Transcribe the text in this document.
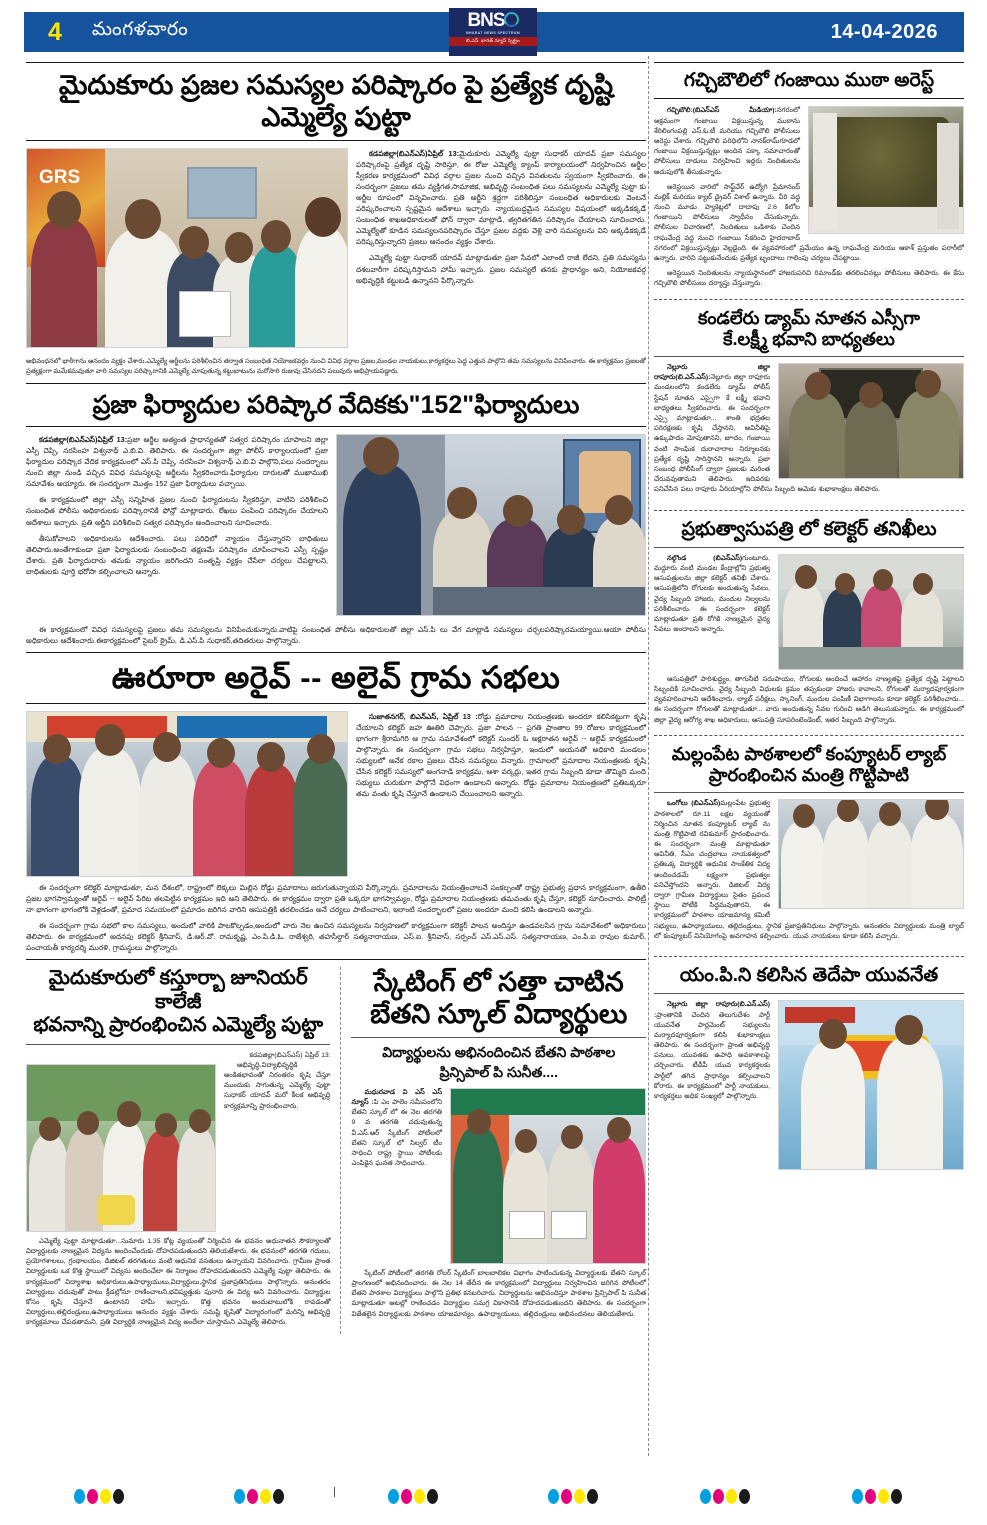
4 మంగళవారం	BNS
BHARAT NEWS SPECTRUM
బి.ఎన్. భారత్ న్యూస్ స్పెక్ట్రం	14-04-2026
మైదుకూరు ప్రజల సమస్యల పరిష్కారం పై ప్రత్యేక దృష్టి ఎమ్మెల్యే పుట్టా
GRS

కడపజిల్లా(బిఎన్ఎస్)ఏప్రిల్ 13:మైదుకూరు ఎమ్మెల్యే పుట్టా సుధాకర్ యాదవ్ ప్రజా సమస్యల పరిష్కారంపై ప్రత్యేక దృష్టి సారిస్తూ, ఈ రోజు ఎమ్మెల్యే క్యాంప్ కార్యాలయంలో నిర్వహించిన అర్జీల స్వీకరణ కార్యక్రమంలో వివిధ వర్గాల ప్రజల నుంచి వచ్చిన వినతులను స్వయంగా స్వీకరించారు. ఈ సందర్భంగా ప్రజలు తమ వ్యక్తిగత,సామాజిక, అభివృద్ధి సంబంధిత పలు సమస్యలను ఎమ్మెల్యే పుట్టా కు అర్జీల రూపంలో విన్నవించారు. ప్రతి అర్జీని శ్రద్ధగా పరిశీలిస్తూ సంబంధిత అధికారులకు వెంటనే పరిష్కరించాలని స్పష్టమైన ఆదేశాలు ఇచ్చారు. న్యాయబద్ధమైన సమస్యల విషయంలో అక్కడికక్కడే సంబంధిత శాఖఅధికారులతో ఫోన్ ద్వారా మాట్లాడి, త్వరితగతిన పరిష్కారం చేయాలని సూచించారు. ఎమ్మెల్యేతో కూడిన సమస్యలనపరిష్కారం చేస్తూ ప్రజల వద్దకు వెళ్లి వారి సమస్యలను విని అక్కడికక్కడే పరిష్కరిస్తున్నారని ప్రజలు ఆనందం వ్యక్తం చేశారు.

ఎమ్మెల్యే పుట్టా సుధాకర్ యాదవ్ మాట్లాడుతూ ప్రజా సేవలో ఎలాంటి రాజీ లేదని, ప్రతి సమస్యను దశలవారీగా పరిష్కరిస్తామని హామీ ఇచ్చారు. ప్రజల సమస్యలే తనకు ప్రాధాన్యం అని, నియోజకవర్గ అభివృద్ధికి కట్టుబడి ఉన్నానని పేర్కొన్నారు.

అభివంధనలో భారీగాను ఆనందం వ్యక్తం చేశారు.ఎమ్మెల్యే అర్జీలను పరిశీలించిన తర్వాత సంబంధిత నియోజకవర్గం నుంచి వివిధ వర్గాల ప్రజల,మండల నాయకులు,కార్యకర్తలు పెద్ద ఎత్తున పాల్గొని తమ సమస్యలను వినిపించారు. ఈ కార్యక్రమం ప్రజలతో ప్రత్యక్షంగా మమేకమవుతూ వారి సమస్యల పరిష్కారానికి ఎమ్మెల్యే చూపుతున్న కట్టుబాటును మరోసారి రుజువు చేసినదని పలువురు అభిప్రాయపడ్డారు.
ప్రజా ఫిర్యాదుల పరిష్కార వేదికకు"152"ఫిర్యాదులు

కడపజిల్లా(బిఎన్ఎస్)ఏప్రిల్ 13:ప్రజా అర్జీల అత్యంత ప్రాధాన్యతతో సత్వర పరిష్కారం చూపాలని జిల్లా ఎస్పీ చెప్పి, నరసింహ విశ్వనాథ్ ఎ.బి.వి. తెలిపారు. ఈ సందర్భంగా జిల్లా పోలీస్ కార్యాలయంలో ప్రజా ఫిర్యాదుల పరిష్కార వేదిక కార్యక్రమంలో ఎస్.పి చెప్పి, నరసింహ విశ్వనాథ్ ఎ.బి.వి పాల్గొని,పలు సందర్భాలు నుంచి జిల్లా నుండి వచ్చిన వివిధ సమస్యలపై అర్జీలను స్వీకరించారు.ఫిర్యాదుల దారులతో ముఖాముఖి సమావేశం అయ్యారు. ఈ సందర్భంగా మొత్తం 152 ప్రజా ఫిర్యాదులు వచ్చాయి.

ఈ కార్యక్రమంలో జిల్లా ఎస్పీ సన్నిహిత ప్రజల నుంచి ఫిర్యాదులను స్వీకరిస్తూ, వాటిని పరిశీలించి సంబంధిత పోలీసు అధికారులకు పరిష్కారానికి ఫోన్లో మాట్లాడారు. లేఖలు పంపించి పరిష్కారం చేయాలని ఆదేశాలు ఇచ్చారు. ప్రతి అర్జీని పరిశీలించి సత్వర పరిష్కారం అందించాలని సూచించారు.

తీసుకోవాలని అధికారులను ఆదేశించారు. పలు పరిధిలో న్యాయం చేస్తున్నారని బాధితులు తెలిపారు.అంతేగాకుండా ప్రజా ఫిర్యాదులకు సంబంధించి తక్షణమే పరిష్కారం చూపించాలని ఎస్పీ స్పష్టం చేశారు. ప్రతి ఫిర్యాదుదారు తమకు న్యాయం జరిగిందని సంతృప్తి వ్యక్తం చేసేలా చర్యలు చేపట్టాలని, బాధితులకు పూర్తి భరోసా కల్పించాలని అన్నారు.

ఈ కార్యక్రమంలో వివిధ సమస్యలపై ప్రజలు తమ సమస్యలను వినిపించుకున్నారు.వాటిపై సంబంధిత పోలీసు అధికారులతో జిల్లా ఎస్.పి లు వేగ మాట్లాడి సమస్యలు చర్చలపరిష్కారమయ్యాయి.ఆయా పోలీసు అధికారులు ఆదేశించారు.ఈకార్యక్రమంలో సైబర్ క్రైమ్, డి.ఎస్.పి సుధాకర్,తదితరులు పాల్గొన్నారు.

ఊరూరా అరైవ్ -- అలైవ్ గ్రామ సభలు

సుజాతనగర్, బిఎన్ఎస్, ఏప్రిల్ 13 :రోడ్డు ప్రమాదాల నియంత్రణకు అందరూ కలిసికట్టుగా కృషి చేయాలని కలెక్టర్ జహ ఊతిరి చెప్పారు. ప్రజా పాలన -- ప్రగతి ప్రాంతాల 99 రోజుల కార్యక్రమంలో భాగంగా శ్రీరామగిరి ఆ గ్రామ సమావేశంలో కలెక్టర్ సుందర్ ఓ అక్షరాతన అరైవ్ -- అలైవ్ కార్యక్రమంలో పాల్గొన్నారు. ఈ సందర్భంగా గ్రామ సభలు నిర్వహిస్తూ, ఇందులో ఆయనతో అధికారి మండలం సభ్యులలో అనేక రకాల ప్రజలు చేసిన సమస్యలు విన్నారు. గ్రామాలలో ప్రమాదాల నియంత్రణకు కృషి చేసిన కలెక్టర్ సమస్యలో అంగనాడి కార్యక్రమ, ఆశా వర్కర్లు, ఇతర గ్రామ సిబ్బంది కూడా తొమ్మిది మంది సభ్యులు చురుకుగా పాల్గొనే విధంగా ఉండాలని అన్నారు. రోడ్డు ప్రమాదాల నియంత్రణలో ప్రతిఒక్కరూ తమ వంతు కృషి చేస్తూనే ఉండాలని చేయించాలని అన్నారు.

ఈ సందర్భంగా కలెక్టర్ మాట్లాడుతూ, మన దేశంలో, రాష్ట్రంలో లెక్కలు మిల్లిన రోడ్డు ప్రమాదాలు జరుగుతున్నాయని పేర్కొన్నారు. ప్రమాదాలను నియంత్రించాలనే సంకల్పంతో రాష్ట్ర ప్రభుత్వ ప్రధాన కార్యక్రమంగా, ఉతీరి ప్రజల భాగస్వామ్యంతో అరైవ్ -- అలైవ్ పేరిట తలపెట్టిన కార్యక్రమం ఇది అని తెలిపారు. ఈ కార్యక్రమం ద్వారా ప్రతి ఒక్కరూ భాగస్వామ్యం, రోడ్డు ప్రమాదాల నియంత్రణకు తమవంతు కృషి చేస్తూ, కలెక్టర్ సూచించారు. పాలిట్రీ నా భాగంగా భాగంలోకి వెళ్లడంతో, ప్రమాద సమయంలో ప్రమాదం జరిగిన వారిని ఆసుపత్రికి తరలించడం అనే చర్యలు పాటించాలని, ఇలాంటి సందర్భాలలో ప్రజల అందరూ మంచి కలిసి ఉండాలని అన్నారు.

ఈ సందర్భంగా గ్రామ సభలో కాల సమస్యలు, అందులో వారికి పాలకొల్పడం,అందులో వారు నెల ఉంచిన సమస్యలను నిర్వహణలో కార్యక్రమంగా కలెక్టర్ పాలన అందిస్తూ ఉండవలసిన గ్రామ సమావేశంలో అధికారులు తెలిపారు. ఈ కార్యక్రమంలో అదనపు కలెక్టర్ శ్రీనివాస్, డి.ఆర్.వో. రామకృష్ణ, ఎం.పి.డి.ఓ. రాజేశ్వరి, తహసీల్దార్ సత్యనారాయణ, ఎస్.ఐ. శ్రీనివాస్, సర్పంచ్ ఎస్.ఎస్.ఎస్. సత్యనారాయణ, ఎం.పి.ఐ రావుల కుమార్, పంచాయతీ కార్యదర్శి మురళి, గ్రామస్థులు పాల్గొన్నారు.

మైదుకూరులో కస్తూర్బా జూనియర్ కాలేజీ
భవనాన్ని ప్రారంభించిన ఎమ్మెల్యే పుట్టా
కడపజిల్లా(బిఎన్ఎస్) ఏప్రిల్ 13:

అభివృద్ధి,విద్యాభివృద్ధికి అంకితభావంతో నిరంతరం కృషి చేస్తూ ముందుకు సాగుతున్న ఎమ్మెల్యే పుట్టా సుధాకర్ యాదవ్ మరో కీలక అభివృద్ధి కార్యక్రమాన్ని ప్రారంభించారు.

ఎమ్మెల్యే పుట్టా మాట్లాడుతూ...సుమారు 1.35 కోట్ల వ్యయంతో నిర్మించిన ఈ భవనం అధునాతన సౌకర్యాలతో విద్యార్థులకు నాణ్యమైన విద్యను అందించేందుకు దోహదపడుతుందని తెలియజేశారు. ఈ భవనంలో తరగతి గదులు, ప్రయోగశాలలు, గ్రంథాలయం, డిజిటల్ తరగతులు వంటి ఆధునిక వసతులు ఉన్నాయని వివరించారు. గ్రామీణ ప్రాంత విద్యార్థులకు ఒక కొత్త స్థాయిలో విద్యను అందించేలా ఈ నిర్మాణం దోహదపడుతుందని ఎమ్మెల్యే పుట్టా తెలిపారు. ఈ కార్యక్రమంలో విద్యాశాఖ అధికారులు,ఉపాధ్యాయులు,విద్యార్థులు,స్థానిక ప్రజాప్రతినిధులు పాల్గొన్నారు. అనంతరం విద్యార్థులు చదువుతో పాటు క్రీడల్లోనూ రాణించాలని,భవిష్యత్తుకు పునాది ఈ విద్య అని వివరించారు. విద్యార్థుల కోసం కృషి చేస్తూనే ఉంటానని హామీ ఇచ్చారు. కొత్త భవనం అందుబాటులోకి రావడంతో విద్యార్థులు,తల్లిదండ్రులు,ఉపాధ్యాయులు ఆనందం వ్యక్తం చేశారు. సమష్టి కృషితో విద్యారంగంలో మరిన్ని అభివృద్ధి కార్యక్రమాలు చేపడతామని, ప్రతి విద్యార్థికి నాణ్యమైన విద్య అందేలా చూస్తామని ఎమ్మెల్యే తెలిపారు.

స్కేటింగ్ లో సత్తా చాటిన
బేతని స్కూల్ విద్యార్థులు
విద్యార్థులను అభినందించిన బేతని పాఠశాల
ప్రిన్సిపాల్ పి సునీత....

మధురవాడ వి ఎస్ ఎస్ న్యూస్ :పి ఎం పాలెం సమీపంలోని బేతని స్కూల్ లో ఈ నెల తరగతి 9 వ తరగతి చదువుతున్న వీ.ఎస్.ఆర్ స్కేటింగ్ పోటీలలో బేతని స్కూల్ లో సిల్వర్ టీం సాధించి రాష్ట్ర స్థాయి పోటీలకు ఎంపికైన ఘనత సాధించారు.

స్కేటింగ్ పోటీలలో తరగతి రోలర్ స్కేటింగ్ బాలబాలికల విభాగం పాటించుకున్న విద్యార్థులకు బేతని స్కూల్ ప్రాంగణంలో అభినందించారు. ఈ నెల 14 తేదీన ఈ కార్యక్రమంలో విద్యార్థులు నిర్వహించిన జరిగిన పోటీలలో బేతని పాఠశాల విద్యార్థులు పాల్గొని ప్రతిభ కనబరిచారు. విద్యార్థులను అభినందిస్తూ పాఠశాల ప్రిన్సిపాల్ పి సునీత మాట్లాడుతూ ఆటల్లో రాణించడం విద్యార్థుల సమగ్ర వికాసానికి దోహదపడుతుందని తెలిపారు. ఈ సందర్భంగా విజేతలైన విద్యార్థులకు పాఠశాల యాజమాన్యం, ఉపాధ్యాయులు, తల్లిదండ్రులు అభినందనలు తెలియజేశారు.

గచ్చిబౌలిలో గంజాయి ముఠా అరెస్ట్

గచ్చిబౌలి:(బిఎన్ఎస్ మీడియా):నగరంలో అక్రమంగా గంజాయి విక్రయిస్తున్న ముఠాను శేరిలింగంపల్లి ఎస్.ఓ.టీ మరియు గచ్చిబౌలి పోలీసులు అరెస్టు చేశారు. గచ్చిబౌలి పరిధిలోని నానక్‌రామ్‌గూడలో గంజాయి విక్రయిస్తున్నట్లు అందిన పక్కా సమాచారంతో పోలీసులు దాడులు నిర్వహించి ఇద్దరు నిందితులను అదుపులోకి తీసుకున్నారు.

అరెస్టయిన వారిలో సాఫ్ట్‌వేర్ ఉద్యోగి ప్రేమానంద్ మల్లిక్ మరియు క్యాబ్ డ్రైవర్ విశాల్ ఉన్నారు. వీరి వద్ద నుంచి మూడు ప్యాకెట్లలో దాదాపు 2.6 కిలోల గంజాయిని పోలీసులు స్వాధీనం చేసుకున్నారు. పోలీసుల విచారణలో, నిందితులు ఒడిశాకు చెందిన రాఘవేంద్ర వద్ద నుంచి గంజాయి సేకరించి హైదరాబాద్ నగరంలో విక్రయిస్తున్నట్లు వెల్లడైంది. ఈ వ్యవహారంలో ప్రమేయం ఉన్న రాఘవేంద్ర మరియు ఆకాశ్ ప్రస్తుతం పరారీలో ఉన్నారు. వారిని పట్టుకునేందుకు ప్రత్యేక బృందాలు గాలింపు చర్యలు చేపట్టాయి.

అరెస్టయిన నిందితులను న్యాయస్థానంలో హాజరుపరిచి రిమాండ్‌కు తరలించినట్లు పోలీసులు తెలిపారు. ఈ కేసు గచ్చిబౌలి పోలీసులు దర్యాప్తు చేస్తున్నారు.

కండలేరు డ్యామ్ నూతన ఎస్సీగా
కే.లక్ష్మీ భవాని బాధ్యతలు

నెల్లూరు జిల్లా రాపూరు(బి.ఎన్.ఎస్):నెల్లూరు జిల్లా రాపూరు మండలంలోని కండలేరు డ్యామ్ పోలీస్ స్టేషన్ నూతన ఎస్సైగా కే లక్ష్మీ భవాని బాధ్యతలు స్వీకరించారు. ఈ సందర్భంగా ఎస్సై మాట్లాడుతూ... శాంతి భద్రతల పరిరక్షణకు కృషి చేస్తానని, అవినీతిపై ఉక్కుపాదం మోపుతానని, జూదం, గంజాయి వంటి సాంఘిక దురాచారాల నిర్మూలనకు ప్రత్యేక దృష్టి సారిస్తానని అన్నారు. ప్రజా సంబంధ పోలీసింగ్ ద్వారా ప్రజలకు మరింత చేరువవుతామని తెలిపారు. ఇదివరకు పనిచేసిన పలు రాపూరు ఏరియాల్లోని పోలీసు సిబ్బంది ఆమెకు శుభాకాంక్షలు తెలిపారు.

ప్రభుత్వాసుపత్రి లో కలెక్టర్ తనిఖీలు

నల్గొండ (బిఎన్ఎస్)గుంటూరు, మద్దూరు వంటి మండల కేంద్రాల్లోని ప్రభుత్వ ఆసుపత్రులను జిల్లా కలెక్టర్ తనిఖీ చేశారు. ఆసుపత్రిలోని రోగులకు అందుతున్న సేవలు, వైద్య సిబ్బంది హాజరు, మందుల నిల్వలను పరిశీలించారు. ఈ సందర్భంగా కలెక్టర్ మాట్లాడుతూ ప్రతి రోగికి నాణ్యమైన వైద్య సేవలు అందాలని అన్నారు.

ఆసుపత్రిలో పారిశుద్ధ్యం, తాగునీటి సదుపాయం, రోగులకు అందించే ఆహారం నాణ్యతపై ప్రత్యేక దృష్టి పెట్టాలని సిబ్బందికి సూచించారు. వైద్య సిబ్బంది విధులకు క్రమం తప్పకుండా హాజరు కావాలని, రోగులతో మర్యాదపూర్వకంగా వ్యవహరించాలని ఆదేశించారు. ల్యాబ్ పరీక్షలు, స్కానింగ్, మందుల పంపిణీ విభాగాలను కూడా కలెక్టర్ పరిశీలించారు... ఈ సందర్భంగా రోగులతో మాట్లాడుతూ... వారు అందుతున్న సేవల గురించి అడిగి తెలుసుకున్నారు. ఈ కార్యక్రమంలో జిల్లా వైద్య ఆరోగ్య శాఖ అధికారులు, ఆసుపత్రి సూపరింటెండెంట్, ఇతర సిబ్బంది పాల్గొన్నారు.

మల్లంపేట పాఠశాలలో కంప్యూటర్ ల్యాబ్
ప్రారంభించిన మంత్రి గొట్టిపాటి

ఒంగోలు (బిఎన్ఎస్)మల్లంపేట ప్రభుత్వ పాఠశాలలో రూ.11 లక్షల వ్యయంతో నిర్మించిన నూతన కంప్యూటర్ ల్యాబ్ ను మంత్రి గొట్టిపాటి రవికుమార్ ప్రారంభించారు. ఈ సందర్భంగా మంత్రి మాట్లాడుతూ అవినీతి, సీఎం చంద్రబాబు నాయకత్వంలో ప్రతిఒక్క విద్యార్థికి ఆధునిక సాంకేతిక విద్య అందించడమే లక్ష్యంగా ప్రభుత్వం పనిచేస్తోందని అన్నారు. డిజిటల్ విద్య ద్వారా గ్రామీణ విద్యార్థులు సైతం ప్రపంచ స్థాయి పోటీకి సిద్ధమవుతారని, ఈ కార్యక్రమంలో పాఠశాల యాజమాన్య కమిటీ సభ్యులు, ఉపాధ్యాయులు, తల్లిదండ్రులు, స్థానిక ప్రజాప్రతినిధులు పాల్గొన్నారు. అనంతరం విద్యార్థులకు మంత్రి ల్యాబ్ లో కంప్యూటర్ వినియోగంపై అవగాహన కల్పించారు. యువ నాయకులు కూడా కలిసి వచ్చారు.

యం.పి.ని కలిసిన తెదేపా యువనేత

నెల్లూరు జిల్లా రాపూరు(బి.ఎన్.ఎస్) :ప్రాంతానికి చెందిన తెలుగుదేశం పార్టీ యువనేత పార్లమెంట్ సభ్యులను మర్యాదపూర్వకంగా కలిసి శుభాకాంక్షలు తెలిపారు. ఈ సందర్భంగా ప్రాంత అభివృద్ధి పనులు, యువతకు ఉపాధి అవకాశాలపై చర్చించారు. టీడీపీ యువ కార్యకర్తలకు పార్టీలో తగిన ప్రాధాన్యం కల్పించాలని కోరారు. ఈ కార్యక్రమంలో పార్టీ నాయకులు, కార్యకర్తలు అధిక సంఖ్యలో పాల్గొన్నారు.
